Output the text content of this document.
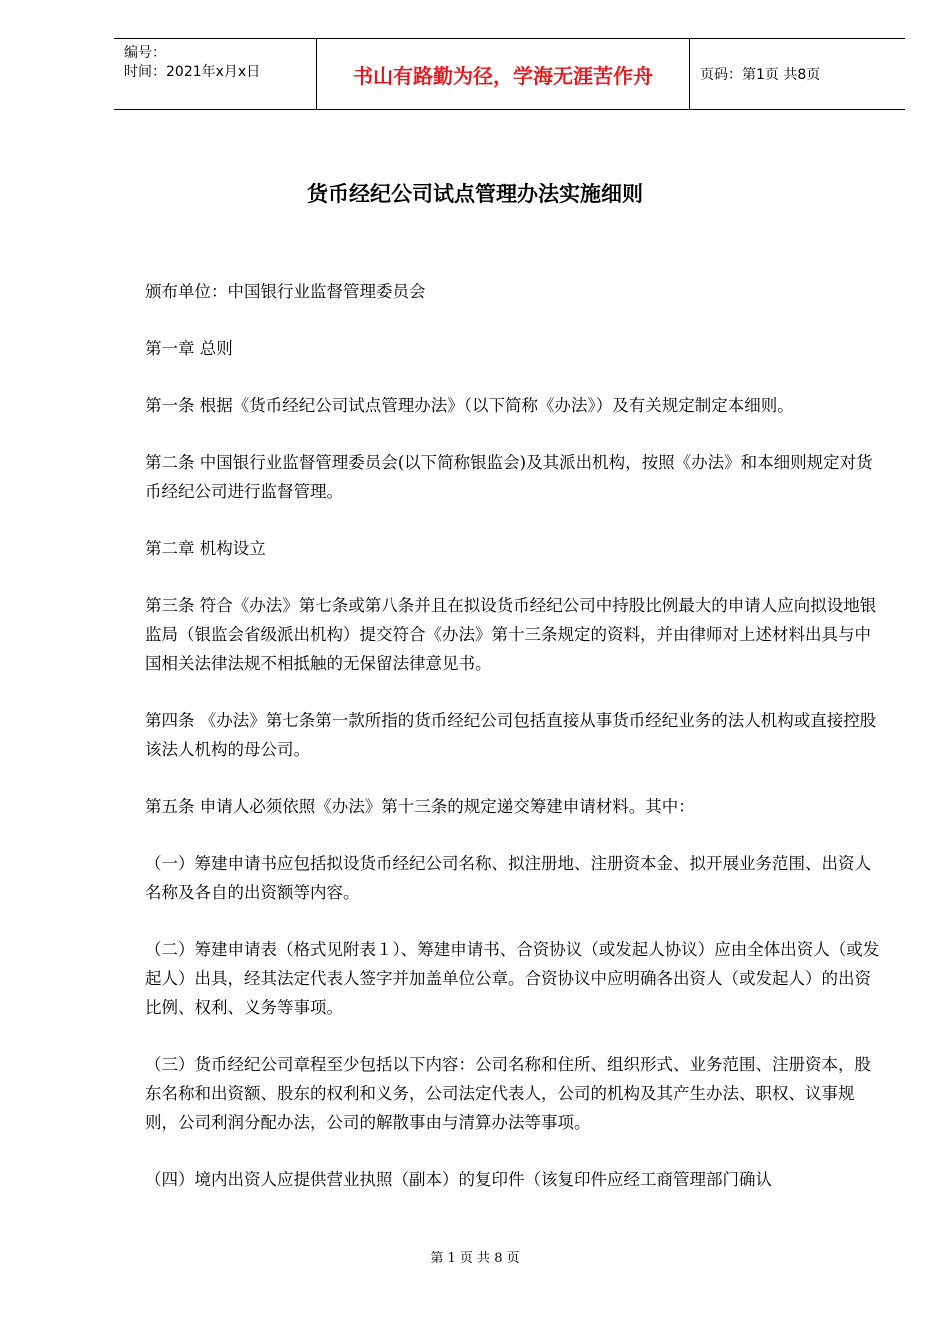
编号：
时间：2021年x月x日	书山有路勤为径，学海无涯苦作舟	页码：第1页 共8页
货币经纪公司试点管理办法实施细则

颁布单位：中国银行业监督管理委员会

第一章 总则

第一条 根据《货币经纪公司试点管理办法》（以下简称《办法》）及有关规定制定本细则。

第二条 中国银行业监督管理委员会(以下简称银监会)及其派出机构，按照《办法》和本细则规定对货币经纪公司进行监督管理。

第二章 机构设立

第三条 符合《办法》第七条或第八条并且在拟设货币经纪公司中持股比例最大的申请人应向拟设地银监局（银监会省级派出机构）提交符合《办法》第十三条规定的资料，并由律师对上述材料出具与中国相关法律法规不相抵触的无保留法律意见书。

第四条 《办法》第七条第一款所指的货币经纪公司包括直接从事货币经纪业务的法人机构或直接控股该法人机构的母公司。

第五条 申请人必须依照《办法》第十三条的规定递交筹建申请材料。其中：

（一）筹建申请书应包括拟设货币经纪公司名称、拟注册地、注册资本金、拟开展业务范围、出资人名称及各自的出资额等内容。

（二）筹建申请表（格式见附表１）、筹建申请书、合资协议（或发起人协议）应由全体出资人（或发起人）出具，经其法定代表人签字并加盖单位公章。合资协议中应明确各出资人（或发起人）的出资比例、权利、义务等事项。

（三）货币经纪公司章程至少包括以下内容：公司名称和住所、组织形式、业务范围、注册资本，股东名称和出资额、股东的权利和义务，公司法定代表人，公司的机构及其产生办法、职权、议事规则，公司利润分配办法，公司的解散事由与清算办法等事项。

（四）境内出资人应提供营业执照（副本）的复印件（该复印件应经工商管理部门确认

第 1 页 共 8 页
